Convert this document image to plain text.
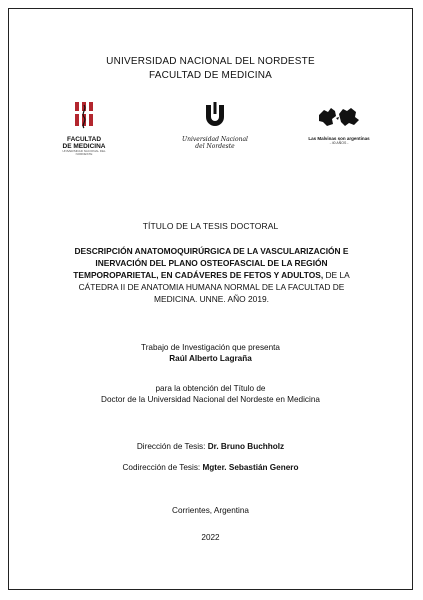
UNIVERSIDAD NACIONAL DEL NORDESTE
FACULTAD DE MEDICINA
FACULTAD
DE MEDICINA
UNIVERSIDAD NACIONAL DEL NORDESTE
Universidad Nacional
del Nordeste
Las Malvinas son argentinas
- 40 AÑOS -
TÍTULO DE LA TESIS DOCTORAL
DESCRIPCIÓN ANATOMOQUIRÚRGICA DE LA VASCULARIZACIÓN E INERVACIÓN DEL PLANO OSTEOFASCIAL DE LA REGIÓN TEMPOROPARIETAL, EN CADÁVERES DE FETOS Y ADULTOS, DE LA CÁTEDRA II DE ANATOMIA HUMANA NORMAL DE LA FACULTAD DE MEDICINA. UNNE. AÑO 2019.
Trabajo de Investigación que presenta
Raúl Alberto Lagraña
para la obtención del Título de
Doctor de la Universidad Nacional del Nordeste en Medicina
Dirección de Tesis: Dr. Bruno Buchholz
Codirección de Tesis: Mgter. Sebastián Genero
Corrientes, Argentina
2022
